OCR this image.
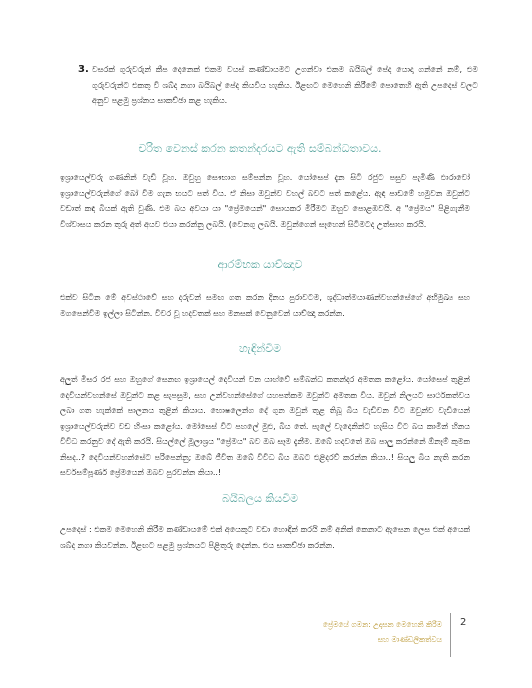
3. වසරක් ගුරුවරුන් කීප දෙනෙක් එකම වයස් කණ්ඩායමට උගන්වා එකම බයිබල් පේද යොදා ගන්නේ නම්, එම ගුරුවරුන්ට එකතු වී ශබ්ද නගා බයිබල් පේද කියවිය හැකිය. ඊළඟට මෙහෙනි කිරීමේ පොතෙහි ඇති උපදෙස් වලට අනුව පළමු ප්‍රශ්නය සාකච්ඡා කළ හැකිය.
චරිත වෙනස් කරන කතන්දරයට ඇති සම්බන්ධතාවය.
ඉශ්‍රායෙල්වරු ගණනින් වැඩි වූහ. ඔවුහු සෞභාග සම්පන්න වූහ. යෝසෙප් දැන සිටි රජුට පසුව පැමිණි ඵාරාවෝ ඉශ්‍රායෙල්වරුන්ගේ බෝ වීම ගැන භයට පත් විය. ඒ නිසා ඔවුන්ව වහල් බවට පත් කළේය. ඇඳ පාඩමේ හමුවන ඔවුන්ට වඩාත් කඳ බියක් ඇති වුණි. එම බය අවයා යා "ප්‍රේමයෙන්" සොයකර මිරීමට ඔහුව පොළඹවයි. අ "ප්‍රේමය" පිළිගැනීම විශ්වාසය කරන තුරු අත් අයව එයා කරන්නු ලබයි. (වෙනගු ලබයි. ඔවුන්ගෙන් සෑහෙන් සිටීමටද උත්සාහ කරයි.
ආරම්භක යාච්ඤාව
එක්ව සිටින මේ අවස්ථාවේ සහ දරුවන් සමඟ ගත කරන දිනය පුරාවටම, ශුද්ධාත්මයාණන්වහන්සේගේ අභිමුඛ්‍ය සහ මගපෙන්වීම ඉල්ලා සිටින්න. විවර වූ හදවතක් සහ මනසක් වෙනුවෙන් යාච්ඤා කරන්න.
හැඳින්වීම
අලුත් මිසර රජ සහ ඔහුගේ සෙනඟ ඉශ්‍රායෙල් දෙවියන් වන යාහ්වේ සම්බන්ධ කතන්දර අමතක කළෝය. යෝසෙප් තුළින් දෙවියන්වහන්සේ ඔවුන්ට කළ සැපසුම, සහ උන්වහන්සේගේ යහපත්කම ඔවුන්ට අමතක විය. ඔවුන් නිලයට සාර්ථකත්වය ලබා ගත හැක්කේ පාලනය තුළින් කියාය. භොෂලෙන්ග දේ ගුන ඔවුන් තුළ තිබූ බිය වැඩිවන විට ඔවුන්ව වැඩියෙන් ඉශ්‍රායෙල්වරුන්ව වඩ හිංසා කළෝය. මෝසෙස් වීට පහලේ මුළු, බිය තේ. පැලේ වැදෙනින්ට හැසිය විට බය කාමින් හිනය විවිධ කරනුව දේ ඇති කරයි. සියල්ලේ මූලාශ්‍රය "ප්‍රේමය" බව ඔබ සෑම දැනීම. ඔබේ හදවතේ ඔබ පාලු කරන්නේ ඕනෑම් කුමක නිසද..? දෙවියන්වහන්සේට පරිපෙන්නු; ඔබේ ජීවිත ඔබේ විවිධ බිය ඔබට එළිදරව් කරන්න කියා..! සියලු බිය නැති කරන සර්වසම්පූර්ණ ප්‍රේමයෙන් ඔබව පුරවන්න කියා..!
බයිබලය කියවීම
උපදෙස් : එකම මෙහෙනි කිරීම කණ්ඩායමේ එක් අයෙකුට වඩා හොඳින් කරයි නම් අනික් කෙනාට ඇසෙන ලෙස එක් අයෙක් ශබ්ද නගා කියවන්න. ඊළඟට පළමු ප්‍රශ්නයට පිළිතුරු දෙන්න. එය සාකච්ඡා කරන්න.
ප්‍රේමයේ ගමන: උදාසන මෙහෙනි කිරීම
සහ මාණ්ඩලිකත්වය
2
